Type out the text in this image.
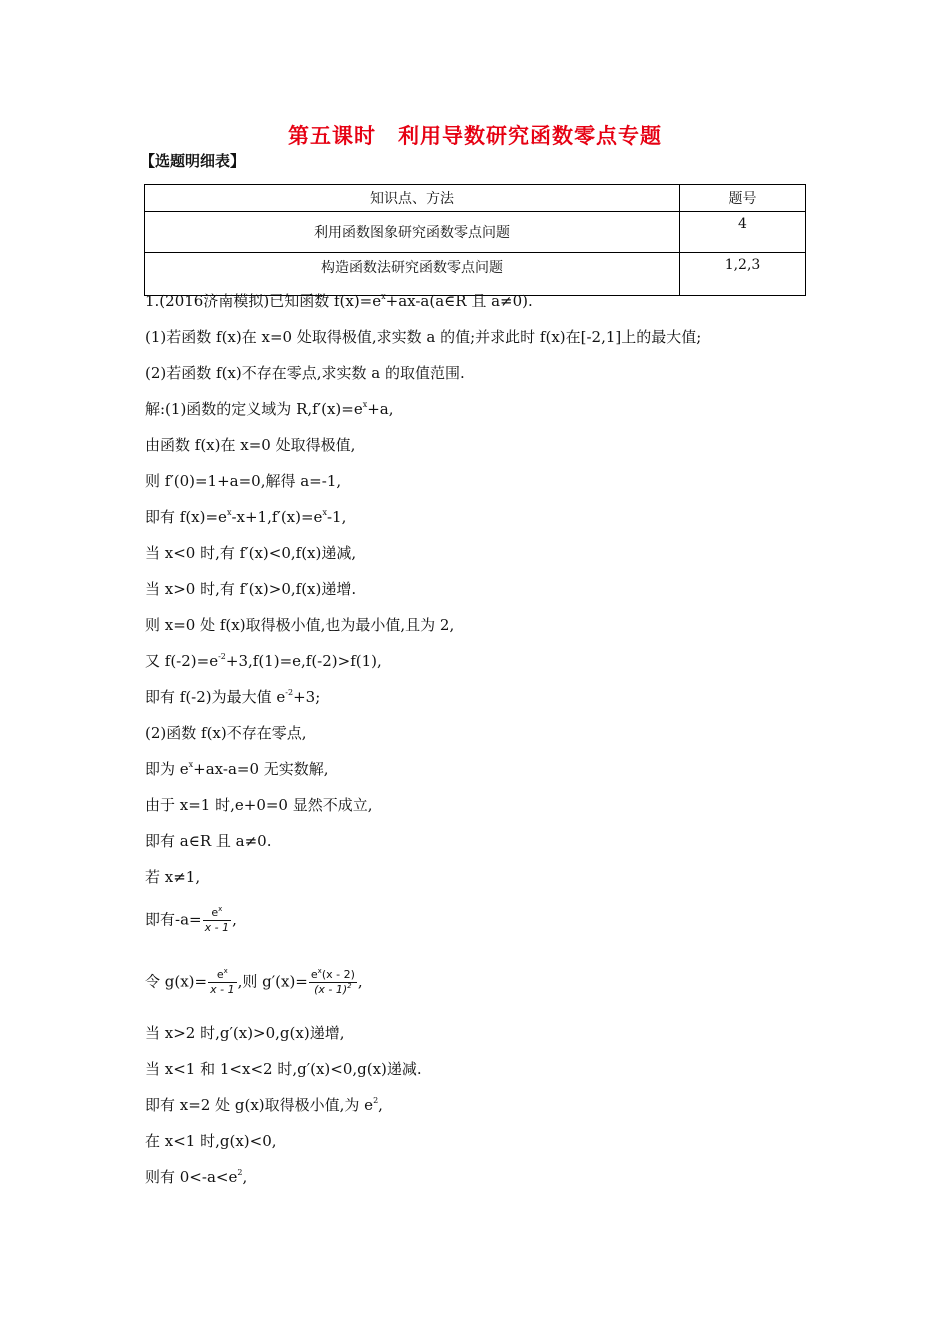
第五课时 利用导数研究函数零点专题
【选题明细表】
知识点、方法	题号
利用函数图象研究函数零点问题	4
构造函数法研究函数零点问题	1,2,3
1.(2016济南模拟)已知函数 $f(x)=e^x+ax-a(a\in R$ 且 a≠0).
(1)若函数 f(x)在 x=0 处取得极值,求实数 a 的值;并求此时 f(x)在[-2,1]上的最大值;
(2)若函数 f(x)不存在零点,求实数 a 的取值范围.
解:(1)函数的定义域为 $R,f'(x)=e^x+a$,
由函数 f(x)在 x=0 处取得极值,
则 f′(0)=1+a=0,解得 a=-1,
即有 $f(x)=e^x-x+1,f'(x)=e^x-1$,
当 x<0 时,有 f′(x)<0,f(x)递减,
当 x>0 时,有 f′(x)>0,f(x)递增.
则 x=0 处 f(x)取得极小值,也为最小值,且为 2,
又 $f(-2)=e^{-2}+3,f(1)=e,f(-2)>f(1)$,
即有 f(-2)为最大值 $e^{-2}+3$;
(2)函数 f(x)不存在零点,
即为 $e^x+ax-a=0$ 无实数解,
由于 x=1 时,e+0=0 显然不成立,
即有 a∈R 且 a≠0.
若 x≠1,
即有$-a= \frac{e^x}{x - 1}$ ,
令 $g(x)= \frac{e^x}{x - 1}$ ,则 $g'(x)= \frac{e^x(x - 2)}{(x - 1)^2}$ ,
当 x>2 时,g′(x)>0,g(x)递增,
当 x<1 和 1<x<2 时,g′(x)<0,g(x)递减.
即有 x=2 处 g(x)取得极小值,为 $e^2$,
在 x<1 时,g(x)<0,
则有 $0<-a<e^2$,
